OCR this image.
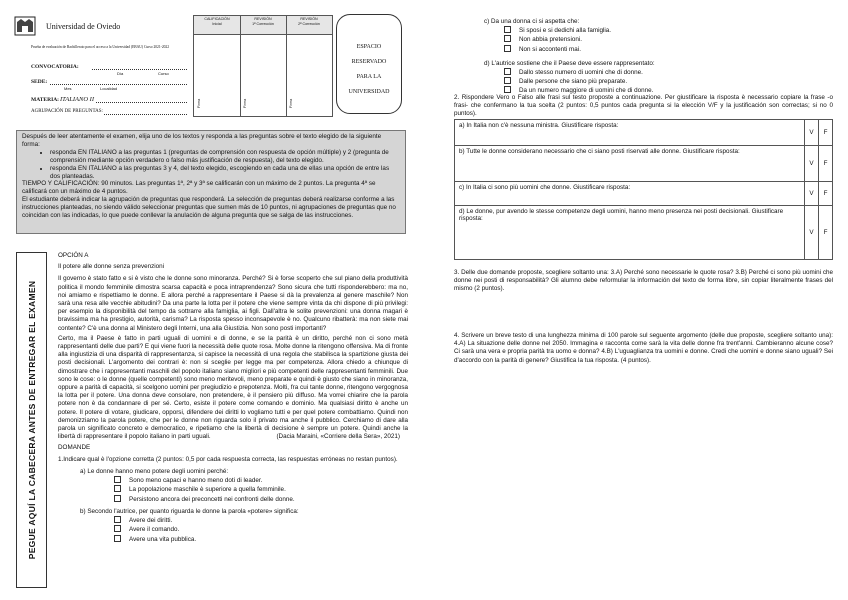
Universidad de Oviedo
Prueba de evaluación de Bachillerato para el acceso a la Universidad (EBAU) Curso 2021-2022
CONVOCATORIA:
Día	Curso
SEDE:
Mes	Localidad
MATERIA: ITALIANO II
AGRUPACIÓN DE PREGUNTAS:
CALIFICACIÓN
Inicial
REVISIÓN
1ª Corrección
REVISIÓN
2ª Corrección
Firma	Firma	Firma
ESPACIO
RESERVADO
PARA LA
UNIVERSIDAD

Después de leer atentamente el examen, elija uno de los textos y responda a las preguntas sobre el texto elegido de la siguiente forma:

• responda EN ITALIANO a las preguntas 1 (preguntas de comprensión con respuesta de opción múltiple) y 2 (pregunta de comprensión mediante opción verdadero o falso más justificación de respuesta), del texto elegido.
• responda EN ITALIANO a las preguntas 3 y 4, del texto elegido, escogiendo en cada una de ellas una opción de entre las dos planteadas.

TIEMPO Y CALIFICACIÓN: 90 minutos. Las preguntas 1ª, 2ª y 3ª se calificarán con un máximo de 2 puntos. La pregunta 4ª se calificará con un máximo de 4 puntos.

El estudiante deberá indicar la agrupación de preguntas que responderá. La selección de preguntas deberá realizarse conforme a las instrucciones planteadas, no siendo válido seleccionar preguntas que sumen más de 10 puntos, ni agrupaciones de preguntas que no coincidan con las indicadas, lo que puede conllevar la anulación de alguna pregunta que se salga de las instrucciones.

PEGUE AQUÍ LA CABECERA ANTES DE ENTREGAR EL EXAMEN

OPCIÓN A

Il potere alle donne senza prevenzioni

Il governo è stato fatto e si è visto che le donne sono minoranza. Perché? Si è forse scoperto che sul piano della produttività politica il mondo femminile dimostra scarsa capacità e poca intraprendenza? Sono sicura che tutti risponderebbero: ma no, noi amiamo e rispettiamo le donne. E allora perché a rappresentare il Paese si dà la prevalenza al genere maschile? Non sarà una resa alle vecchie abitudini? Da una parte la lotta per il potere che viene sempre vinta da chi dispone di più privilegi: per esempio la disponibilità del tempo da sottrarre alla famiglia, ai figli. Dall'altra le solite prevenzioni: una donna magari è bravissima ma ha prestigio, autorità, carisma? La risposta spesso inconsapevole è no. Qualcuno ribatterà: ma non siete mai contente? C'è una donna al Ministero degli Interni, una alla Giustizia. Non sono posti importanti?

Certo, ma il Paese è fatto in parti uguali di uomini e di donne, e se la parità è un diritto, perché non ci sono metà rappresentanti delle due parti? E qui viene fuori la necessità delle quote rosa. Molte donne la ritengono offensiva. Ma di fronte alla ingiustizia di una disparità di rappresentanza, si capisce la necessità di una regola che stabilisca la spartizione giusta dei posti decisionali. L'argomento dei contrari è: non si sceglie per legge ma per competenza. Allora chiedo a chiunque di dimostrare che i rappresentanti maschili del popolo italiano siano migliori e più competenti delle rappresentanti femminili. Due sono le cose: o le donne (quelle competenti) sono meno meritevoli, meno preparate e quindi è giusto che siano in minoranza, oppure a parità di capacità, si scelgono uomini per pregiudizio e prepotenza. Molti, fra cui tante donne, ritengono vergognosa la lotta per il potere. Una donna deve consolare, non pretendere, è il pensiero più diffuso. Ma vorrei chiarire che la parola potere non è da condannare di per sé. Certo, esiste il potere come comando e dominio. Ma qualsiasi diritto è anche un potere. Il potere di votare, giudicare, opporsi, difendere dei diritti lo vogliamo tutti e per quel potere combattiamo. Quindi non demonizziamo la parola potere, che per le donne non riguarda solo il privato ma anche il pubblico. Cerchiamo di dare alla parola un significato concreto e democratico, e ripetiamo che la libertà di decisione è sempre un potere. Quindi anche la libertà di rappresentare il popolo italiano in parti uguali.	(Dacia Maraini, «Corriere della Sera», 2021)

DOMANDE

1.Indicare qual è l'opzione corretta (2 puntos: 0,5 por cada respuesta correcta, las respuestas erróneas no restan puntos).

a) Le donne hanno meno potere degli uomini perché:

Sono meno capaci e hanno meno doti di leader.

La popolazione maschile è superiore a quella femminile.

Persistono ancora dei preconcetti nei confronti delle donne.

b) Secondo l'autrice, per quanto riguarda le donne la parola «potere» significa:

Avere dei diritti.

Avere il comando.

Avere una vita pubblica.

c) Da una donna ci si aspetta che:

Si sposi e si dedichi alla famiglia.

Non abbia pretensioni.

Non si accontenti mai.

d) L'autrice sostiene che il Paese deve essere rappresentato:

Dallo stesso numero di uomini che di donne.

Dalle persone che siano più preparate.

Da un numero maggiore di uomini che di donne.

2. Rispondere Vero o Falso alle frasi sul testo proposte a continuazione. Per giustificare la risposta è necessario copiare la frase -o frasi- che confermano la tua scelta (2 puntos: 0,5 puntos cada pregunta si la elección V/F y la justificación son correctas; si no 0 puntos).
a) In Italia non c'è nessuna ministra. Giustificare risposta:	V	F
b) Tutte le donne considerano necessario che ci siano posti riservati alle donne. Giustificare risposta:	V	F
c) In Italia ci sono più uomini che donne. Giustificare risposta:	V	F
d) Le donne, pur avendo le stesse competenze degli uomini, hanno meno presenza nei posti decisionali. Giustificare risposta:	V	F
3. Delle due domande proposte, scegliere soltanto una: 3.A) Perché sono necessarie le quote rosa? 3.B) Perché ci sono più uomini che donne nei posti di responsabilità? Gli alumno debe reformular la información del texto de forma libre, sin copiar literalmente frases del mismo (2 puntos).
4. Scrivere un breve testo di una lunghezza minima di 100 parole sul seguente argomento (delle due proposte, scegliere soltanto una): 4.A) La situazione delle donne nel 2050. Immagina e racconta come sarà la vita delle donne fra trent'anni. Cambieranno alcune cose? Ci sarà una vera e propria parità tra uomo e donna? 4.B) L'uguaglianza tra uomini e donne. Credi che uomini e donne siano uguali? Sei d'accordo con la parità di genere? Giustifica la tua risposta. (4 puntos).
